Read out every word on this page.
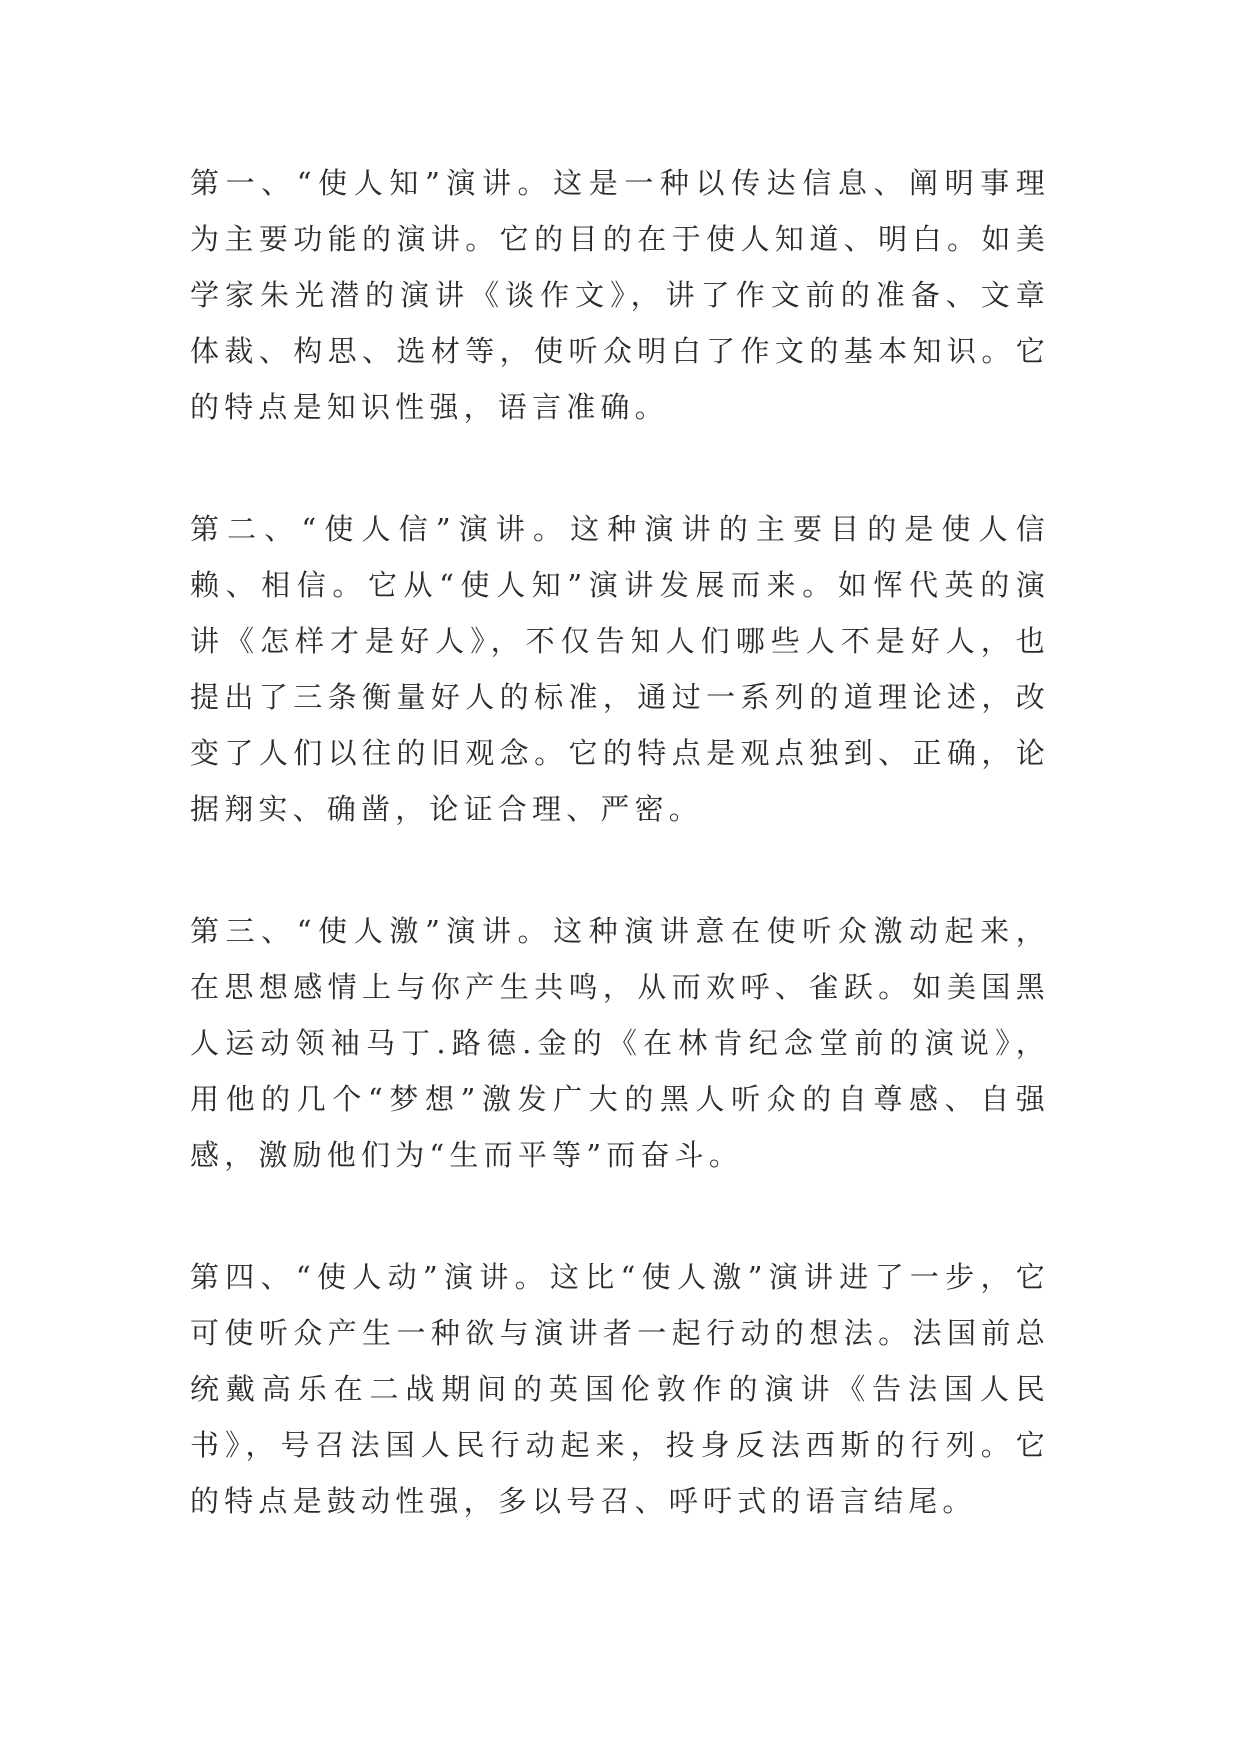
第一、“使人知”演讲。这是一种以传达信息、阐明事理为主要功能的演讲。它的目的在于使人知道、明白。如美学家朱光潜的演讲《谈作文》，讲了作文前的准备、文章体裁、构思、选材等，使听众明白了作文的基本知识。它的特点是知识性强，语言准确。

第二、“使人信”演讲。这种演讲的主要目的是使人信赖、相信。它从“使人知”演讲发展而来。如恽代英的演讲《怎样才是好人》，不仅告知人们哪些人不是好人，也提出了三条衡量好人的标准，通过一系列的道理论述，改变了人们以往的旧观念。它的特点是观点独到、正确，论据翔实、确凿，论证合理、严密。

第三、“使人激”演讲。这种演讲意在使听众激动起来，在思想感情上与你产生共鸣，从而欢呼、雀跃。如美国黑人运动领袖马丁.路德.金的《在林肯纪念堂前的演说》，用他的几个“梦想”激发广大的黑人听众的自尊感、自强感，激励他们为“生而平等”而奋斗。

第四、“使人动”演讲。这比“使人激”演讲进了一步，它可使听众产生一种欲与演讲者一起行动的想法。法国前总统戴高乐在二战期间的英国伦敦作的演讲《告法国人民书》，号召法国人民行动起来，投身反法西斯的行列。它的特点是鼓动性强，多以号召、呼吁式的语言结尾。
